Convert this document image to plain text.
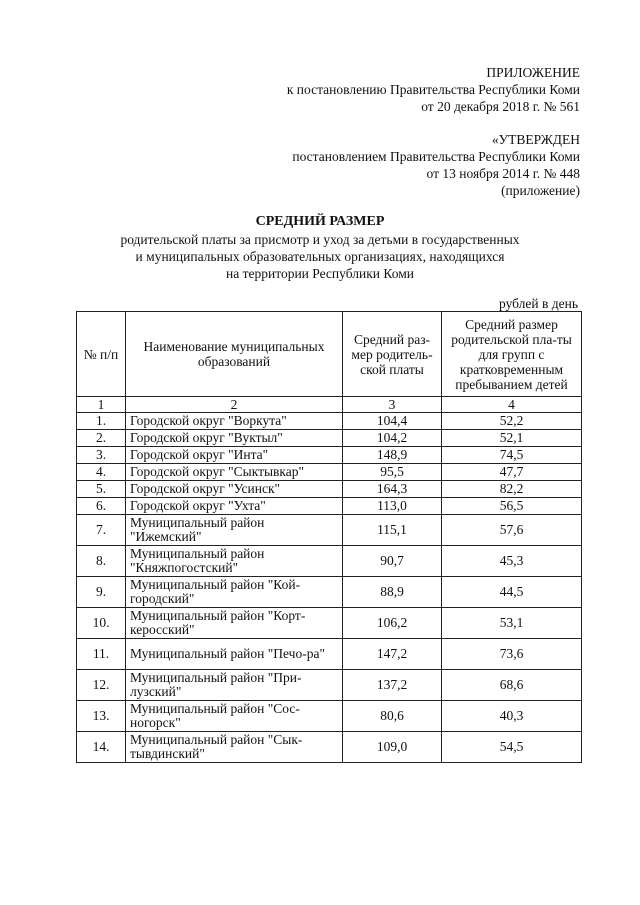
ПРИЛОЖЕНИЕ
к постановлению Правительства Республики Коми
от 20 декабря 2018 г. № 561
«УТВЕРЖДЕН
постановлением Правительства Республики Коми
от 13 ноября 2014 г. № 448
(приложение)
СРЕДНИЙ РАЗМЕР
родительской платы за присмотр и уход за детьми в государственных
и муниципальных образовательных организациях, находящихся
на территории Республики Коми
рублей в день
№ п/п	Наименование муниципальных образований	Средний раз-мер родитель-ской платы	Средний размер родительской пла-ты для групп с кратковременным пребыванием детей
1	2	3	4
1.	Городской округ "Воркута"	104,4	52,2
2.	Городской округ "Вуктыл"	104,2	52,1
3.	Городской округ "Инта"	148,9	74,5
4.	Городской округ "Сыктывкар"	95,5	47,7
5.	Городской округ "Усинск"	164,3	82,2
6.	Городской округ "Ухта"	113,0	56,5
7.	Муниципальный район "Ижемский"	115,1	57,6
8.	Муниципальный район "Княжпогостский"	90,7	45,3
9.	Муниципальный район "Кой-городский"	88,9	44,5
10.	Муниципальный район "Корт-керосский"	106,2	53,1
11.	Муниципальный район "Печо-ра"	147,2	73,6
12.	Муниципальный район "При-лузский"	137,2	68,6
13.	Муниципальный район "Сос-ногорск"	80,6	40,3
14.	Муниципальный район "Сык-тывдинский"	109,0	54,5
